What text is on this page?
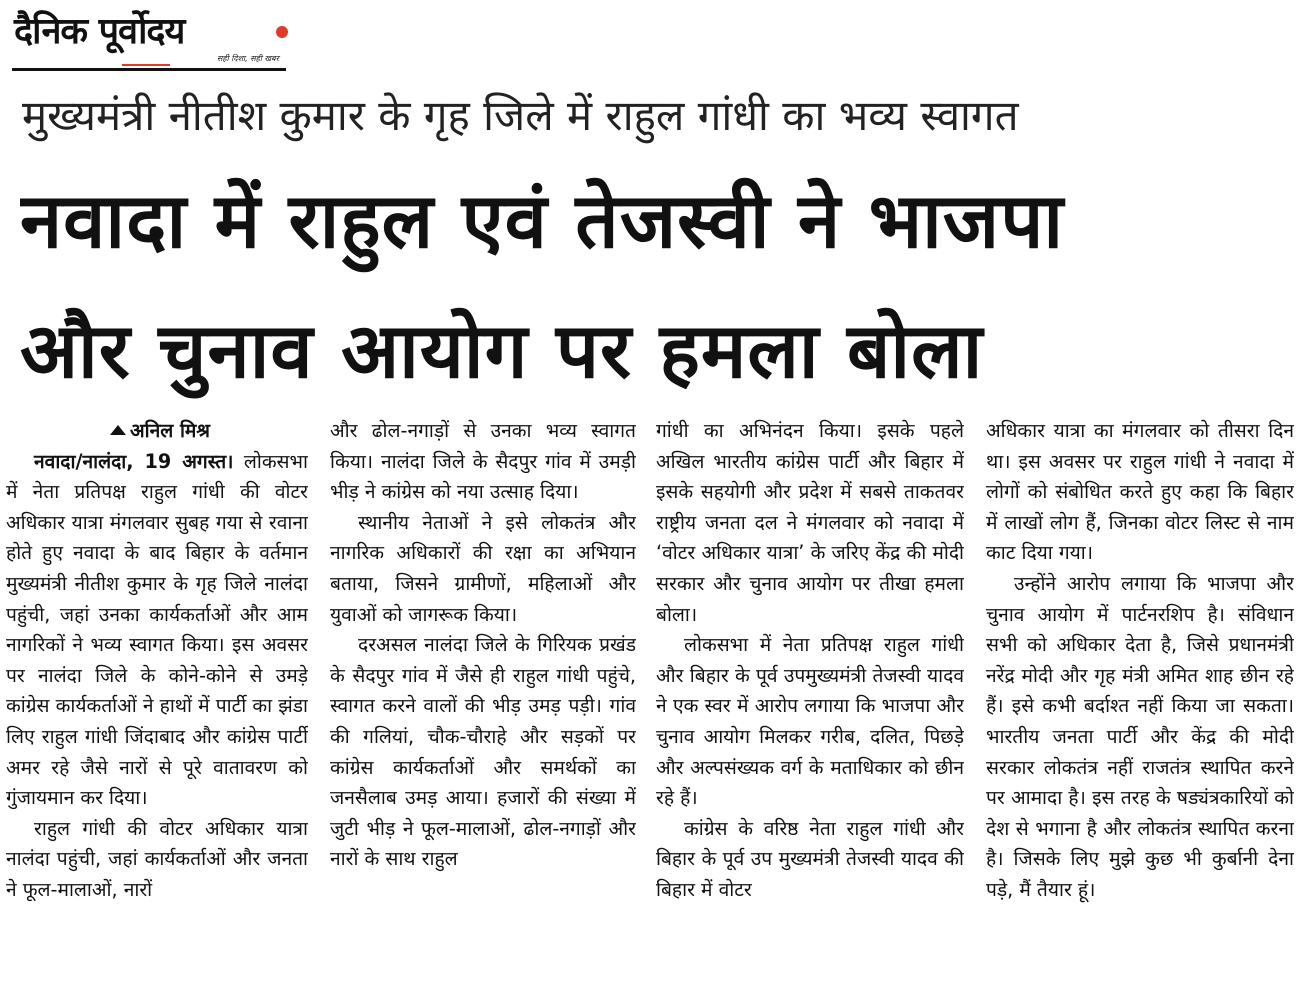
दैनिक पूर्वोदय
सही दिशा, सही खबर
मुख्यमंत्री नीतीश कुमार के गृह जिले में राहुल गांधी का भव्य स्वागत
नवादा में राहुल एवं तेजस्वी ने भाजपा
और चुनाव आयोग पर हमला बोला
अनिल मिश्र

नवादा/नालंदा, 19 अगस्त। लोकसभा में नेता प्रतिपक्ष राहुल गांधी की वोटर अधिकार यात्रा मंगलवार सुबह गया से रवाना होते हुए नवादा के बाद बिहार के वर्तमान मुख्यमंत्री नीतीश कुमार के गृह जिले नालंदा पहुंची, जहां उनका कार्यकर्ताओं और आम नागरिकों ने भव्य स्वागत किया। इस अवसर पर नालंदा जिले के कोने-कोने से उमड़े कांग्रेस कार्यकर्ताओं ने हाथों में पार्टी का झंडा लिए राहुल गांधी जिंदाबाद और कांग्रेस पार्टी अमर रहे जैसे नारों से पूरे वातावरण को गुंजायमान कर दिया।

राहुल गांधी की वोटर अधिकार यात्रा नालंदा पहुंची, जहां कार्यकर्ताओं और जनता ने फूल-मालाओं, नारों

और ढोल-नगाड़ों से उनका भव्य स्वागत किया। नालंदा जिले के सैदपुर गांव में उमड़ी भीड़ ने कांग्रेस को नया उत्साह दिया।

स्थानीय नेताओं ने इसे लोकतंत्र और नागरिक अधिकारों की रक्षा का अभियान बताया, जिसने ग्रामीणों, महिलाओं और युवाओं को जागरूक किया।

दरअसल नालंदा जिले के गिरियक प्रखंड के सैदपुर गांव में जैसे ही राहुल गांधी पहुंचे, स्वागत करने वालों की भीड़ उमड़ पड़ी। गांव की गलियां, चौक-चौराहे और सड़कों पर कांग्रेस कार्यकर्ताओं और समर्थकों का जनसैलाब उमड़ आया। हजारों की संख्या में जुटी भीड़ ने फूल-मालाओं, ढोल-नगाड़ों और नारों के साथ राहुल

गांधी का अभिनंदन किया। इसके पहले अखिल भारतीय कांग्रेस पार्टी और बिहार में इसके सहयोगी और प्रदेश में सबसे ताकतवर राष्ट्रीय जनता दल ने मंगलवार को नवादा में ‘वोटर अधिकार यात्रा’ के जरिए केंद्र की मोदी सरकार और चुनाव आयोग पर तीखा हमला बोला।

लोकसभा में नेता प्रतिपक्ष राहुल गांधी और बिहार के पूर्व उपमुख्यमंत्री तेजस्वी यादव ने एक स्वर में आरोप लगाया कि भाजपा और चुनाव आयोग मिलकर गरीब, दलित, पिछड़े और अल्पसंख्यक वर्ग के मताधिकार को छीन रहे हैं।

कांग्रेस के वरिष्ठ नेता राहुल गांधी और बिहार के पूर्व उप मुख्यमंत्री तेजस्वी यादव की बिहार में वोटर

अधिकार यात्रा का मंगलवार को तीसरा दिन था। इस अवसर पर राहुल गांधी ने नवादा में लोगों को संबोधित करते हुए कहा कि बिहार में लाखों लोग हैं, जिनका वोटर लिस्ट से नाम काट दिया गया।

उन्होंने आरोप लगाया कि भाजपा और चुनाव आयोग में पार्टनरशिप है। संविधान सभी को अधिकार देता है, जिसे प्रधानमंत्री नरेंद्र मोदी और गृह मंत्री अमित शाह छीन रहे हैं। इसे कभी बर्दाश्त नहीं किया जा सकता। भारतीय जनता पार्टी और केंद्र की मोदी सरकार लोकतंत्र नहीं राजतंत्र स्थापित करने पर आमादा है। इस तरह के षड्यंत्रकारियों को देश से भगाना है और लोकतंत्र स्थापित करना है। जिसके लिए मुझे कुछ भी कुर्बानी देना पड़े, मैं तैयार हूं।
